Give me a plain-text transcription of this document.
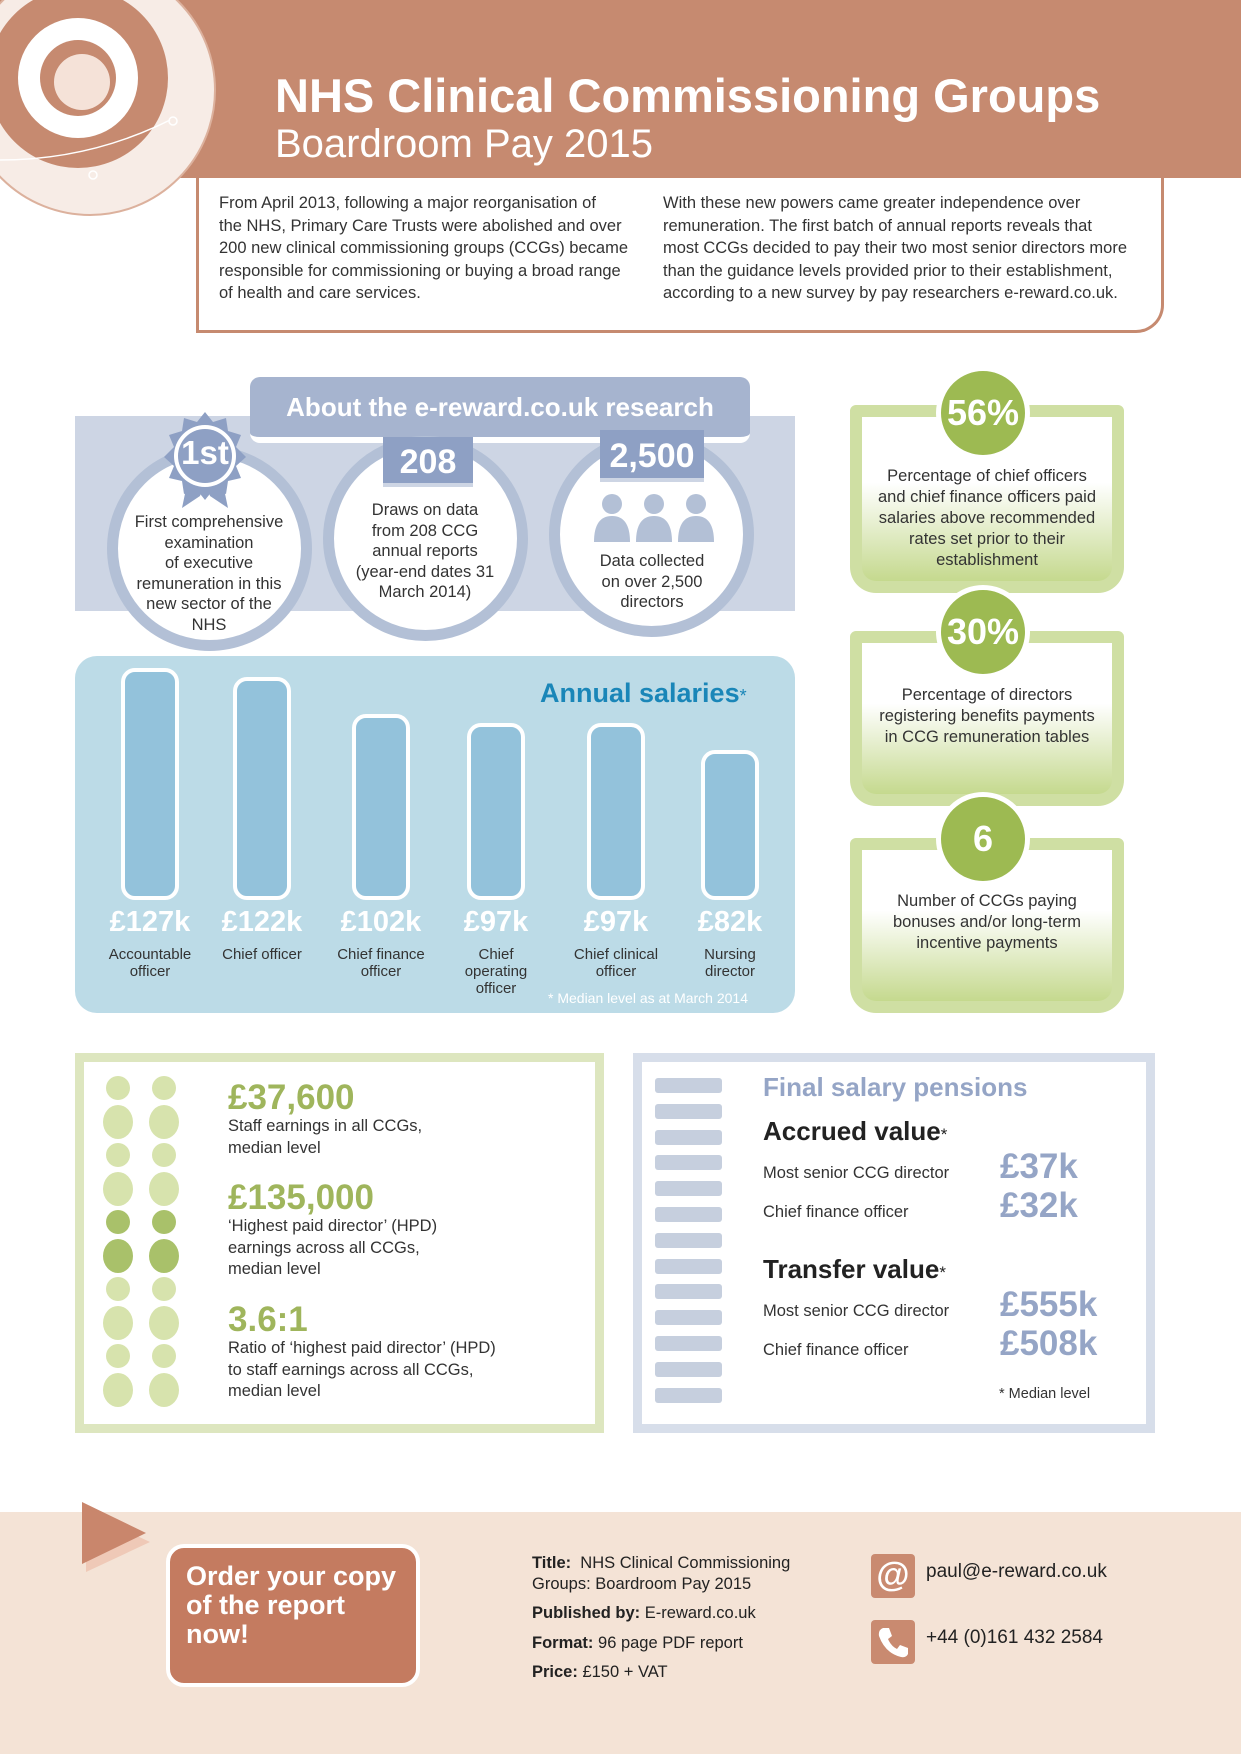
NHS Clinical Commissioning Groups
Boardroom Pay 2015
From April 2013, following a major reorganisation of
the NHS, Primary Care Trusts were abolished and over
200 new clinical commissioning groups (CCGs) became
responsible for commissioning or buying a broad range
of health and care services.
With these new powers came greater independence over
remuneration. The first batch of annual reports reveals that
most CCGs decided to pay their two most senior directors more
than the guidance levels provided prior to their establishment,
according to a new survey by pay researchers e-reward.co.uk.
About the e-reward.co.uk research
1st	208	2,500
First comprehensive
examination
of executive
remuneration in this
new sector of the
NHS
Draws on data
from 208 CCG
annual reports
(year-end dates 31
March 2014)
Data collected
on over 2,500
directors
Annual salaries*
£127k
Accountable
officer
£122k
Chief officer
£102k
Chief finance
officer
£97k
Chief
operating
officer
£97k
Chief clinical
officer
£82k
Nursing
director
* Median level as at March 2014
56%
30%
6
Percentage of chief officers
and chief finance officers paid
salaries above recommended
rates set prior to their
establishment
Percentage of directors
registering benefits payments
in CCG remuneration tables
Number of CCGs paying
bonuses and/or long-term
incentive payments
£37,600
Staff earnings in all CCGs,
median level
£135,000
‘Highest paid director’ (HPD)
earnings across all CCGs,
median level
3.6:1
Ratio of ‘highest paid director’ (HPD)
to staff earnings across all CCGs,
median level
Final salary pensions
Accrued value*
Most senior CCG director £37k
Chief finance officer	£32k
Transfer value*
Most senior CCG director £555k
Chief finance officer	£508k
* Median level
Order your copy
of the report
now!
Title: NHS Clinical Commissioning
Groups: Boardroom Pay 2015
Published by: E-reward.co.uk
Format: 96 page PDF report
Price: £150 + VAT
@ paul@e-reward.co.uk
+44 (0)161 432 2584
